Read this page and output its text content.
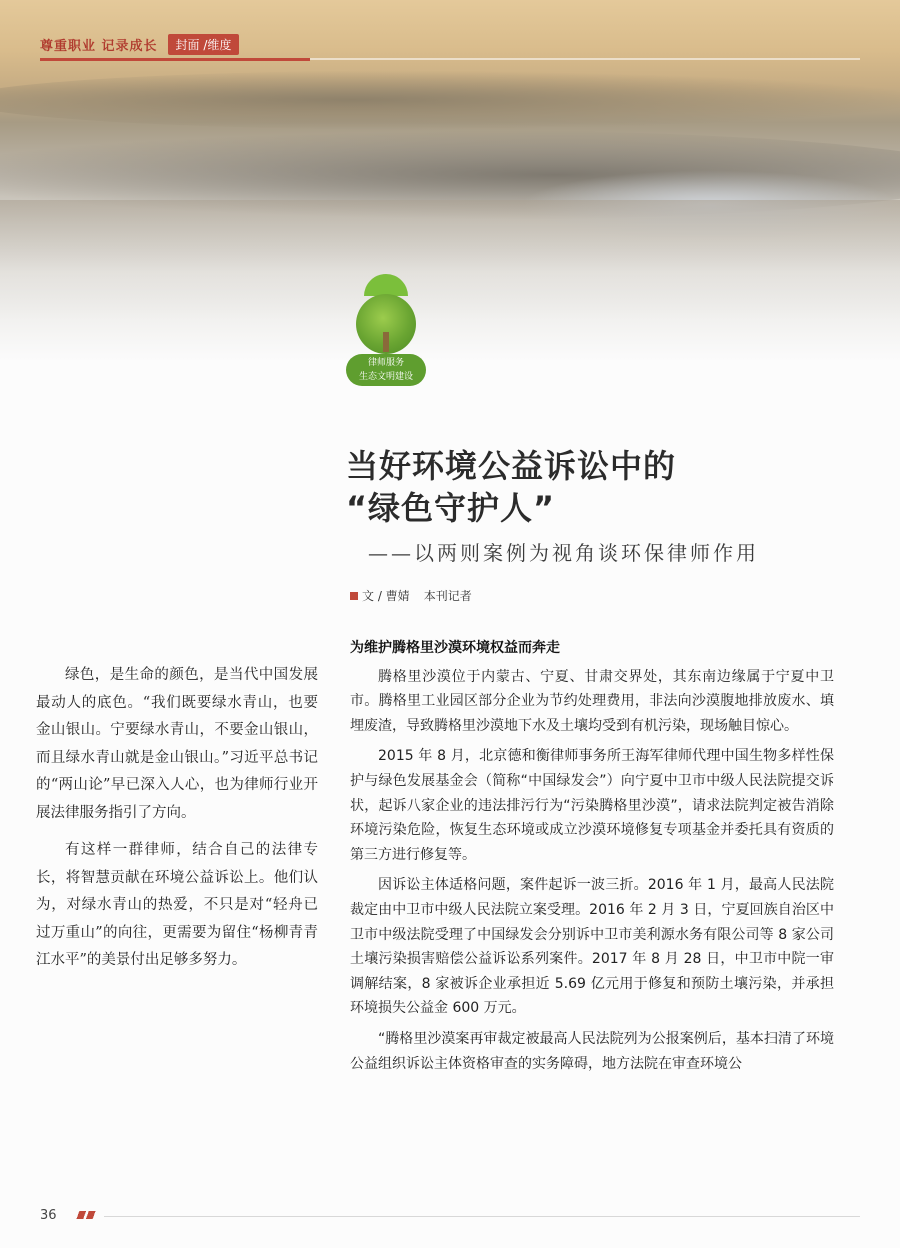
尊重职业 记录成长	封面 /维度
律师服务
生态文明建设
当好环境公益诉讼中的
“绿色守护人”
——以两则案例为视角谈环保律师作用
文 / 曹婧 本刊记者

绿色，是生命的颜色，是当代中国发展最动人的底色。“我们既要绿水青山，也要金山银山。宁要绿水青山，不要金山银山，而且绿水青山就是金山银山。”习近平总书记的“两山论”早已深入人心，也为律师行业开展法律服务指引了方向。

有这样一群律师，结合自己的法律专长，将智慧贡献在环境公益诉讼上。他们认为，对绿水青山的热爱，不只是对“轻舟已过万重山”的向往，更需要为留住“杨柳青青江水平”的美景付出足够多努力。

为维护腾格里沙漠环境权益而奔走

腾格里沙漠位于内蒙古、宁夏、甘肃交界处，其东南边缘属于宁夏中卫市。腾格里工业园区部分企业为节约处理费用，非法向沙漠腹地排放废水、填埋废渣，导致腾格里沙漠地下水及土壤均受到有机污染，现场触目惊心。

2015 年 8 月，北京德和衡律师事务所王海军律师代理中国生物多样性保护与绿色发展基金会（简称“中国绿发会”）向宁夏中卫市中级人民法院提交诉状，起诉八家企业的违法排污行为“污染腾格里沙漠”，请求法院判定被告消除环境污染危险，恢复生态环境或成立沙漠环境修复专项基金并委托具有资质的第三方进行修复等。

因诉讼主体适格问题，案件起诉一波三折。2016 年 1 月，最高人民法院裁定由中卫市中级人民法院立案受理。2016 年 2 月 3 日，宁夏回族自治区中卫市中级法院受理了中国绿发会分别诉中卫市美利源水务有限公司等 8 家公司土壤污染损害赔偿公益诉讼系列案件。2017 年 8 月 28 日，中卫市中院一审调解结案，8 家被诉企业承担近 5.69 亿元用于修复和预防土壤污染，并承担环境损失公益金 600 万元。

“腾格里沙漠案再审裁定被最高人民法院列为公报案例后，基本扫清了环境公益组织诉讼主体资格审查的实务障碍，地方法院在审查环境公

36
